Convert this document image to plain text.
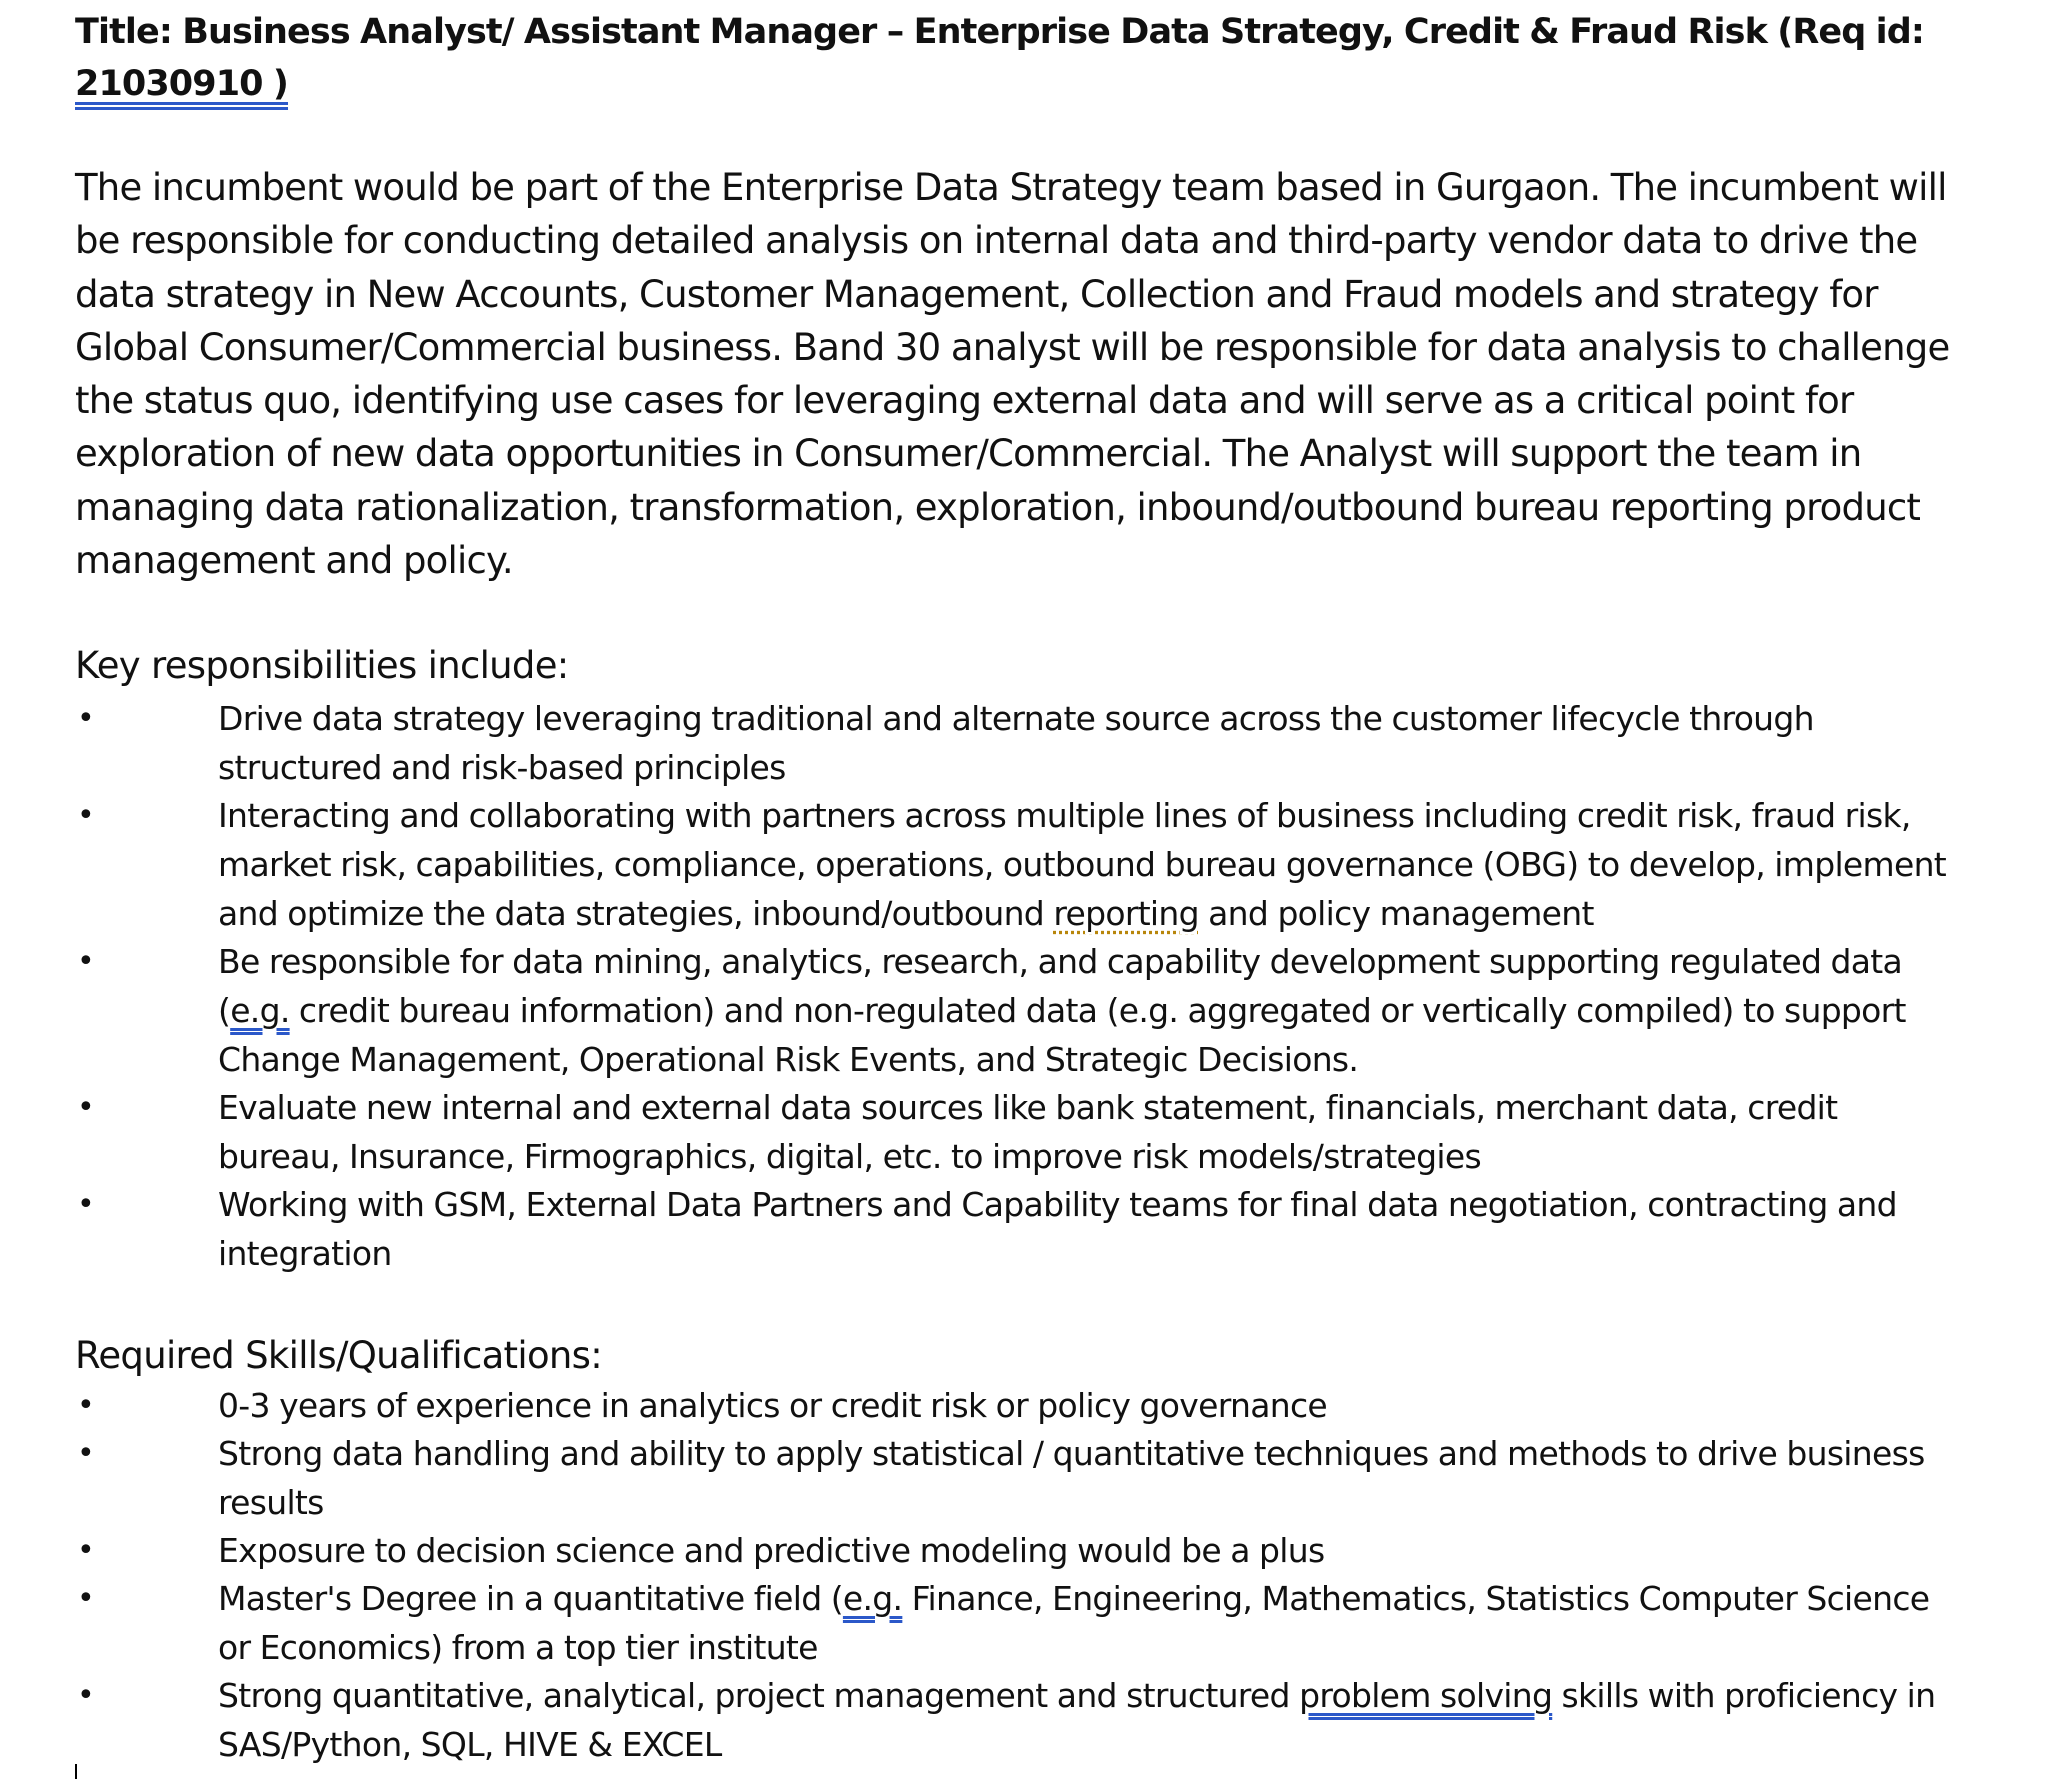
Title: Business Analyst/ Assistant Manager – Enterprise Data Strategy, Credit & Fraud Risk (Req id: 21030910 )
The incumbent would be part of the Enterprise Data Strategy team based in Gurgaon. The incumbent will be responsible for conducting detailed analysis on internal data and third-party vendor data to drive the data strategy in New Accounts, Customer Management, Collection and Fraud models and strategy for Global Consumer/Commercial business. Band 30 analyst will be responsible for data analysis to challenge the status quo, identifying use cases for leveraging external data and will serve as a critical point for exploration of new data opportunities in Consumer/Commercial. The Analyst will support the team in managing data rationalization, transformation, exploration, inbound/outbound bureau reporting product management and policy.
Key responsibilities include:
•	Drive data strategy leveraging traditional and alternate source across the customer lifecycle through structured and risk-based principles
•	Interacting and collaborating with partners across multiple lines of business including credit risk, fraud risk, market risk, capabilities, compliance, operations, outbound bureau governance (OBG) to develop, implement and optimize the data strategies, inbound/outbound reporting and policy management
•	Be responsible for data mining, analytics, research, and capability development supporting regulated data (e.g. credit bureau information) and non-regulated data (e.g. aggregated or vertically compiled) to support Change Management, Operational Risk Events, and Strategic Decisions.
•	Evaluate new internal and external data sources like bank statement, financials, merchant data, credit bureau, Insurance, Firmographics, digital, etc. to improve risk models/strategies
•	Working with GSM, External Data Partners and Capability teams for final data negotiation, contracting and integration
Required Skills/Qualifications:
•	0-3 years of experience in analytics or credit risk or policy governance
•	Strong data handling and ability to apply statistical / quantitative techniques and methods to drive business results
•	Exposure to decision science and predictive modeling would be a plus
•	Master's Degree in a quantitative field (e.g. Finance, Engineering, Mathematics, Statistics Computer Science or Economics) from a top tier institute
•	Strong quantitative, analytical, project management and structured problem solving skills with proficiency in SAS/Python, SQL, HIVE & EXCEL
